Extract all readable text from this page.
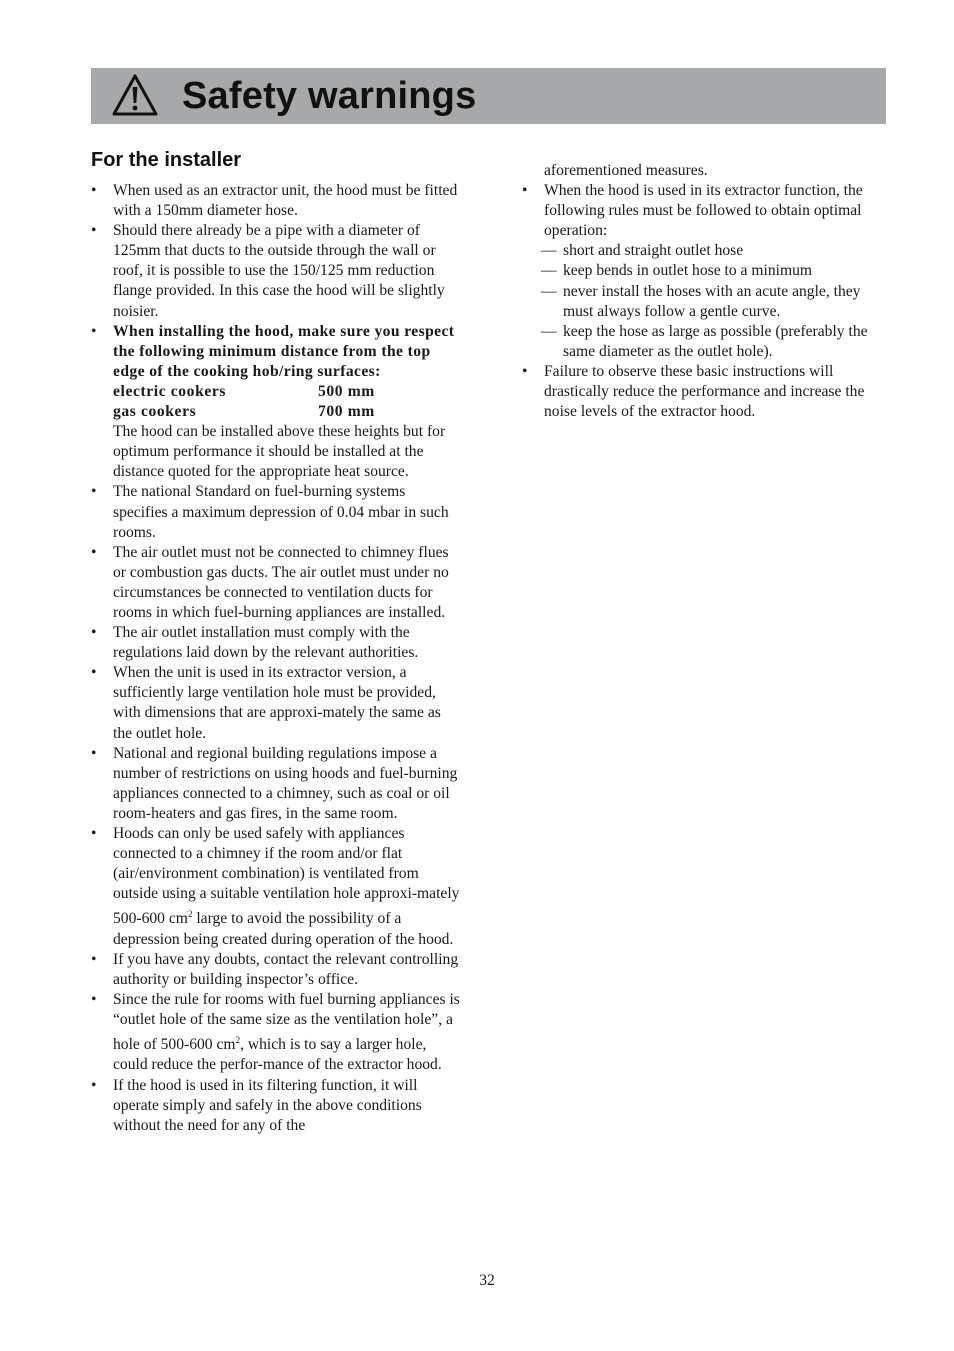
Safety warnings
For the installer
• When used as an extractor unit, the hood must be fitted with a 150mm diameter hose.
• Should there already be a pipe with a diameter of 125mm that ducts to the outside through the wall or roof, it is possible to use the 150/125 mm reduction flange provided. In this case the hood will be slightly noisier.
• When installing the hood, make sure you respect the following minimum distance from the top edge of the cooking hob/ring surfaces:
electric cookers	500 mm
gas cookers	700 mm
The hood can be installed above these heights but for optimum performance it should be installed at the distance quoted for the appropriate heat source.
• The national Standard on fuel-burning systems specifies a maximum depression of 0.04 mbar in such rooms.
• The air outlet must not be connected to chimney flues or combustion gas ducts. The air outlet must under no circumstances be connected to ventilation ducts for rooms in which fuel-burning appliances are installed.
• The air outlet installation must comply with the regulations laid down by the relevant authorities.
• When the unit is used in its extractor version, a sufficiently large ventilation hole must be provided, with dimensions that are approxi-mately the same as the outlet hole.
• National and regional building regulations impose a number of restrictions on using hoods and fuel-burning appliances connected to a chimney, such as coal or oil room-heaters and gas fires, in the same room.
• Hoods can only be used safely with appliances connected to a chimney if the room and/or flat (air/environment combination) is ventilated from outside using a suitable ventilation hole approxi-mately 500-600 $cm^2$ large to avoid the possibility of a depression being created during operation of the hood.
• If you have any doubts, contact the relevant controlling authority or building inspector’s office.
• Since the rule for rooms with fuel burning appliances is “outlet hole of the same size as the ventilation hole”, a hole of 500-600 $cm^2$, which is to say a larger hole, could reduce the perfor-mance of the extractor hood.
• If the hood is used in its filtering function, it will operate simply and safely in the above conditions without the need for any of the
aforementioned measures.
• When the hood is used in its extractor function, the following rules must be followed to obtain optimal operation:
— short and straight outlet hose
— keep bends in outlet hose to a minimum
— never install the hoses with an acute angle, they must always follow a gentle curve.
— keep the hose as large as possible (preferably the same diameter as the outlet hole).
• Failure to observe these basic instructions will drastically reduce the performance and increase the noise levels of the extractor hood.
32
